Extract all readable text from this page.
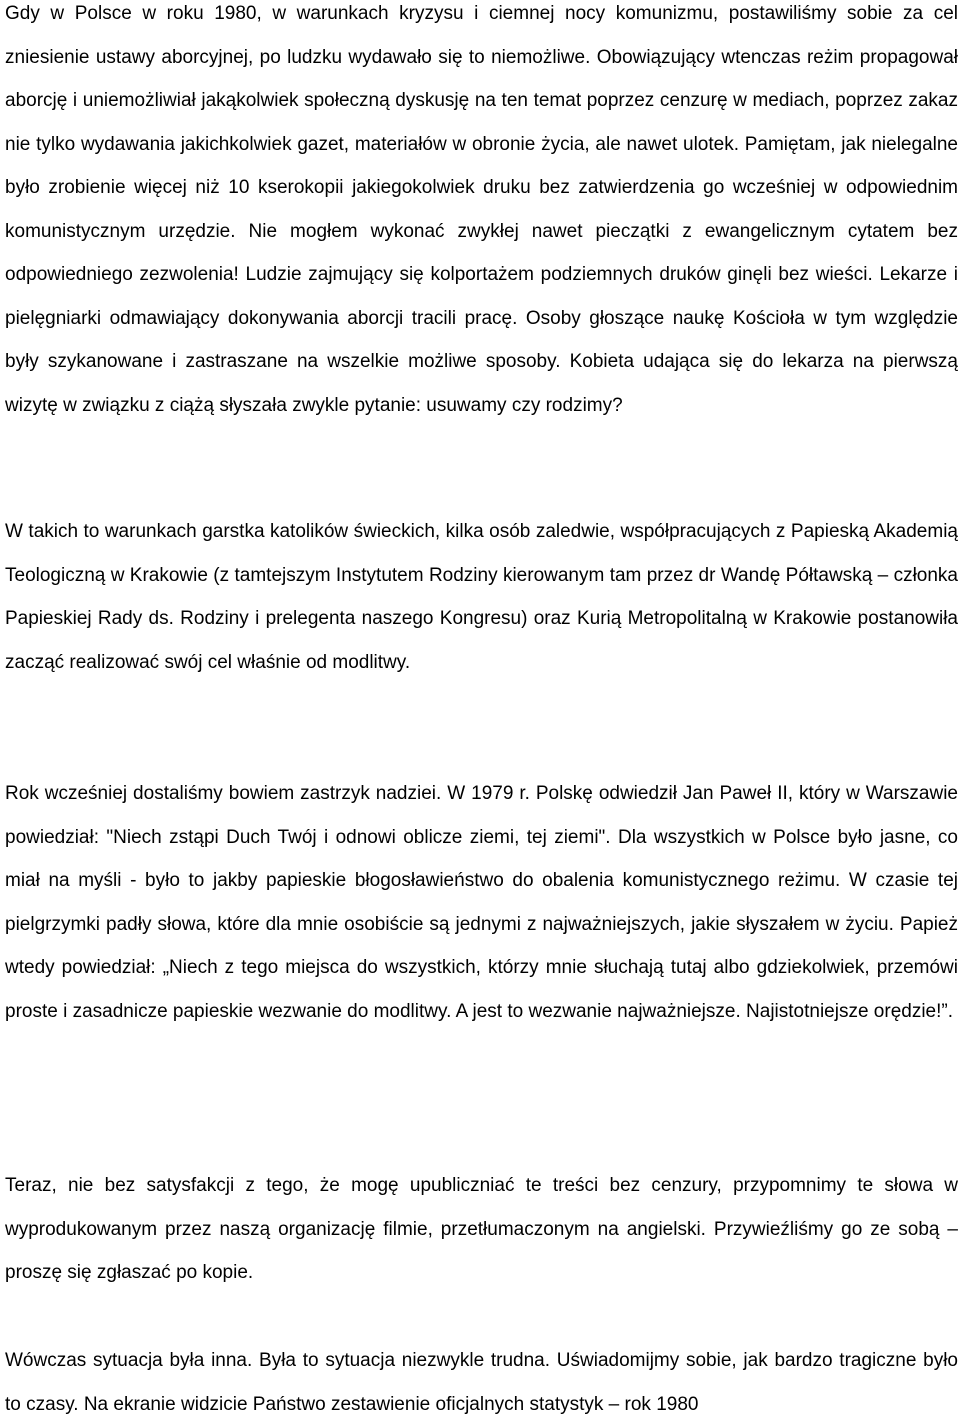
Gdy w Polsce w roku 1980, w warunkach kryzysu i ciemnej nocy komunizmu, postawiliśmy sobie za cel zniesienie ustawy aborcyjnej, po ludzku wydawało się to niemożliwe. Obowiązujący wtenczas reżim propagował aborcję i uniemożliwiał jakąkolwiek społeczną dyskusję na ten temat poprzez cenzurę w mediach, poprzez zakaz nie tylko wydawania jakichkolwiek gazet, materiałów w obronie życia, ale nawet ulotek. Pamiętam, jak nielegalne było zrobienie więcej niż 10 kserokopii jakiegokolwiek druku bez zatwierdzenia go wcześniej w odpowiednim komunistycznym urzędzie. Nie mogłem wykonać zwykłej nawet pieczątki z ewangelicznym cytatem bez odpowiedniego zezwolenia! Ludzie zajmujący się kolportażem podziemnych druków ginęli bez wieści. Lekarze i pielęgniarki odmawiający dokonywania aborcji tracili pracę. Osoby głoszące naukę Kościoła w tym względzie były szykanowane i zastraszane na wszelkie możliwe sposoby. Kobieta udająca się do lekarza na pierwszą wizytę w związku z ciążą słyszała zwykle pytanie: usuwamy czy rodzimy?

W takich to warunkach garstka katolików świeckich, kilka osób zaledwie, współpracujących z Papieską Akademią Teologiczną w Krakowie (z tamtejszym Instytutem Rodziny kierowanym tam przez dr Wandę Półtawską – członka Papieskiej Rady ds. Rodziny i prelegenta naszego Kongresu) oraz Kurią Metropolitalną w Krakowie postanowiła zacząć realizować swój cel właśnie od modlitwy.

Rok wcześniej dostaliśmy bowiem zastrzyk nadziei. W 1979 r. Polskę odwiedził Jan Paweł II, który w Warszawie powiedział: "Niech zstąpi Duch Twój i odnowi oblicze ziemi, tej ziemi". Dla wszystkich w Polsce było jasne, co miał na myśli - było to jakby papieskie błogosławieństwo do obalenia komunistycznego reżimu. W czasie tej pielgrzymki padły słowa, które dla mnie osobiście są jednymi z najważniejszych, jakie słyszałem w życiu. Papież wtedy powiedział: „Niech z tego miejsca do wszystkich, którzy mnie słuchają tutaj albo gdziekolwiek, przemówi proste i zasadnicze papieskie wezwanie do modlitwy. A jest to wezwanie najważniejsze. Najistotniejsze orędzie!”.

Teraz, nie bez satysfakcji z tego, że mogę upubliczniać te treści bez cenzury, przypomnimy te słowa w wyprodukowanym przez naszą organizację filmie, przetłumaczonym na angielski. Przywieźliśmy go ze sobą – proszę się zgłaszać po kopie.

Wówczas sytuacja była inna. Była to sytuacja niezwykle trudna. Uświadomijmy sobie, jak bardzo tragiczne było to czasy. Na ekranie widzicie Państwo zestawienie oficjalnych statystyk – rok 1980
